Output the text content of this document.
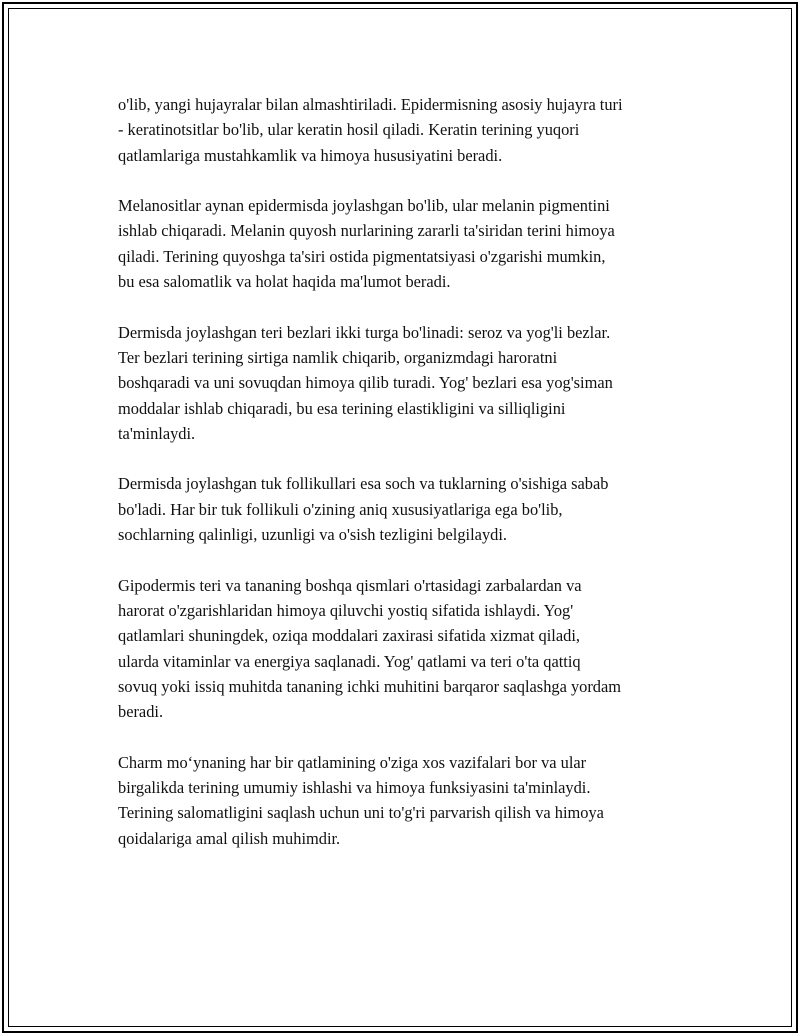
o'lib, yangi hujayralar bilan almashtiriladi. Epidermisning asosiy hujayra turi
- keratinotsitlar bo'lib, ular keratin hosil qiladi. Keratin terining yuqori
qatlamlariga mustahkamlik va himoya hususiyatini beradi.

Melanositlar aynan epidermisda joylashgan bo'lib, ular melanin pigmentini
ishlab chiqaradi. Melanin quyosh nurlarining zararli ta'siridan terini himoya
qiladi. Terining quyoshga ta'siri ostida pigmentatsiyasi o'zgarishi mumkin,
bu esa salomatlik va holat haqida ma'lumot beradi.

Dermisda joylashgan teri bezlari ikki turga bo'linadi: seroz va yog'li bezlar.
Ter bezlari terining sirtiga namlik chiqarib, organizmdagi haroratni
boshqaradi va uni sovuqdan himoya qilib turadi. Yog' bezlari esa yog'siman
moddalar ishlab chiqaradi, bu esa terining elastikligini va silliqligini
ta'minlaydi.

Dermisda joylashgan tuk follikullari esa soch va tuklarning o'sishiga sabab
bo'ladi. Har bir tuk follikuli o'zining aniq xususiyatlariga ega bo'lib,
sochlarning qalinligi, uzunligi va o'sish tezligini belgilaydi.

Gipodermis teri va tananing boshqa qismlari o'rtasidagi zarbalardan va
harorat o'zgarishlaridan himoya qiluvchi yostiq sifatida ishlaydi. Yog'
qatlamlari shuningdek, oziqa moddalari zaxirasi sifatida xizmat qiladi,
ularda vitaminlar va energiya saqlanadi. Yog' qatlami va teri o'ta qattiq
sovuq yoki issiq muhitda tananing ichki muhitini barqaror saqlashga yordam
beradi.

Charm mo‘ynaning har bir qatlamining o'ziga xos vazifalari bor va ular
birgalikda terining umumiy ishlashi va himoya funksiyasini ta'minlaydi.
Terining salomatligini saqlash uchun uni to'g'ri parvarish qilish va himoya
qoidalariga amal qilish muhimdir.
